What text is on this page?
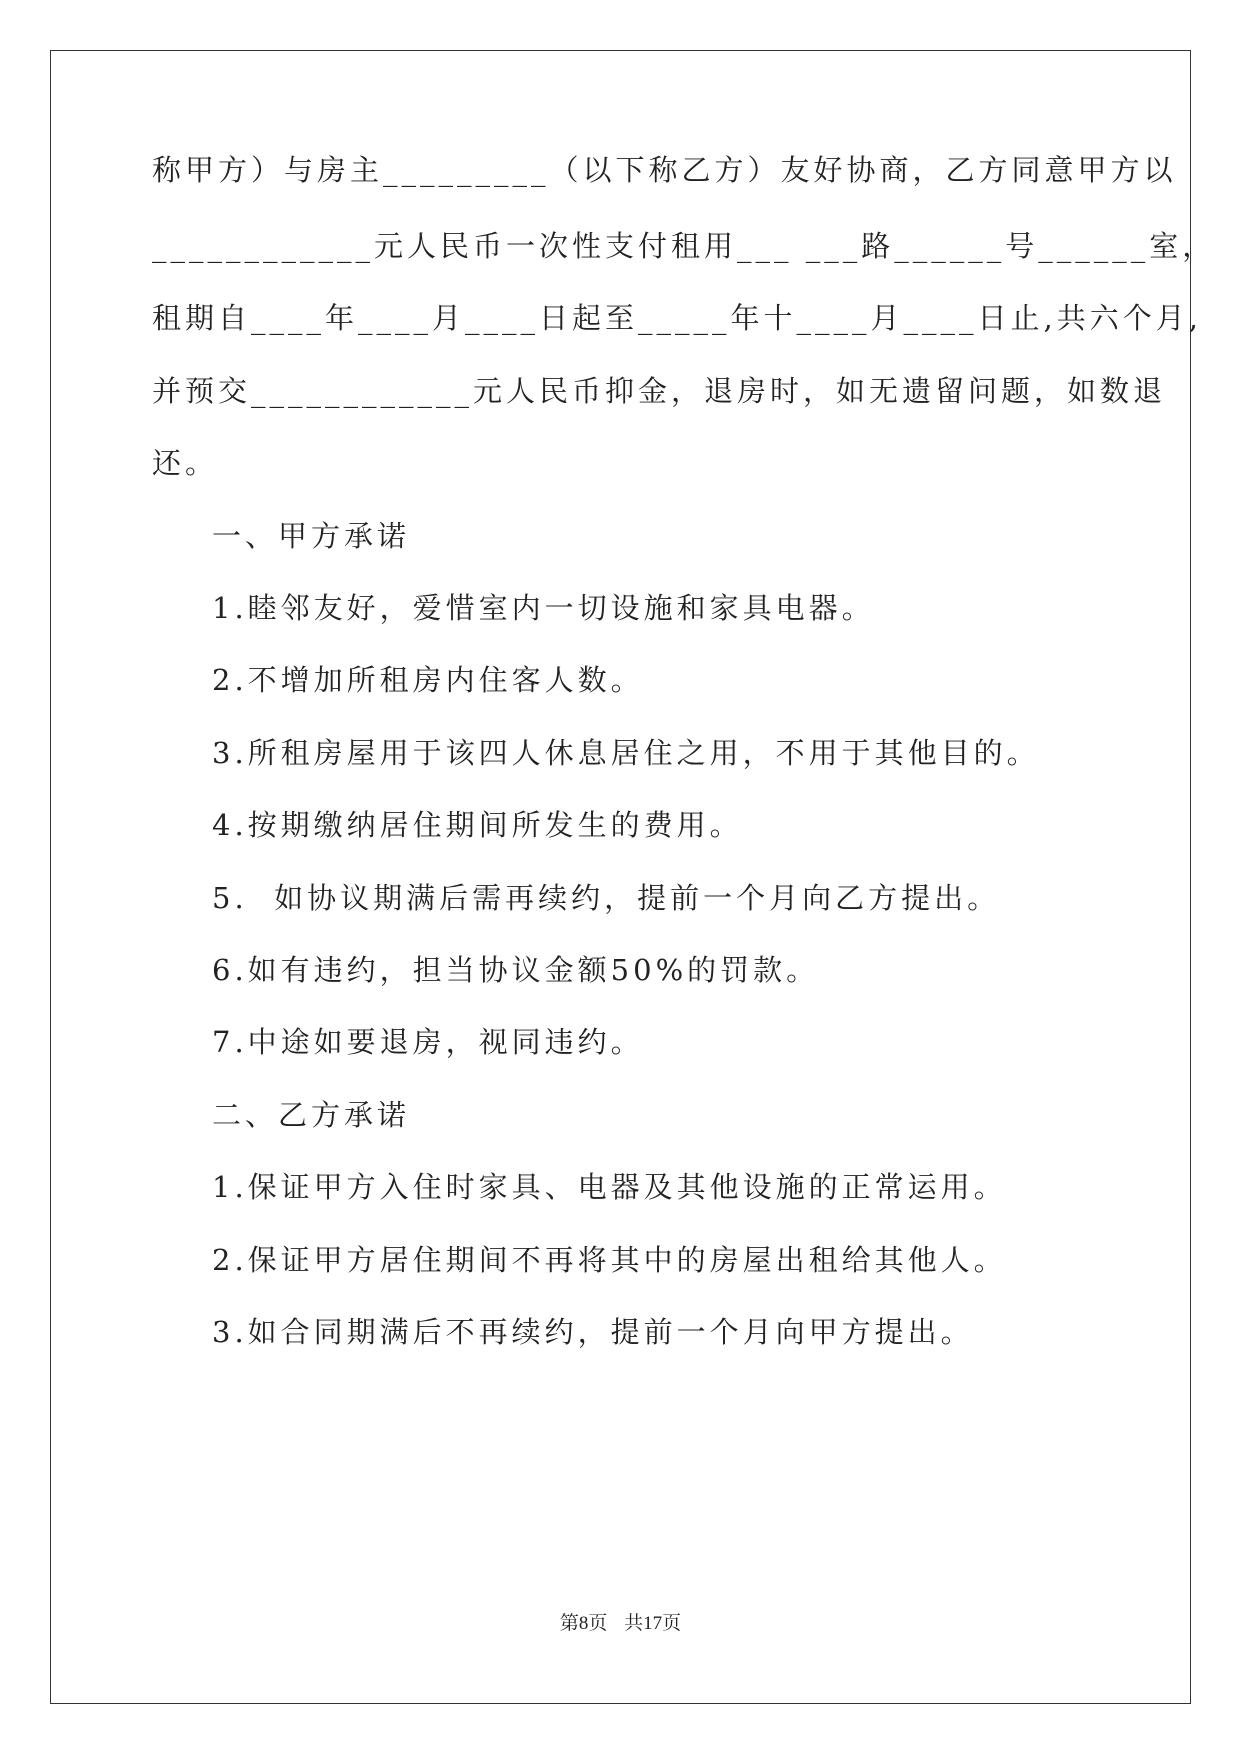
称甲方）与房主_________（以下称乙方）友好协商，乙方同意甲方以
____________元人民币一次性支付租用___ ___路______号______室，
租期自____年____月____日起至_____年十____月____日止,共六个月,
并预交____________元人民币抑金，退房时，如无遗留问题，如数退
还。
一、甲方承诺
1.睦邻友好，爱惜室内一切设施和家具电器。
2.不增加所租房内住客人数。
3.所租房屋用于该四人休息居住之用，不用于其他目的。
4.按期缴纳居住期间所发生的费用。
5.  如协议期满后需再续约，提前一个月向乙方提出。
6.如有违约，担当协议金额50%的罚款。
7.中途如要退房，视同违约。
二、乙方承诺
1.保证甲方入住时家具、电器及其他设施的正常运用。
2.保证甲方居住期间不再将其中的房屋出租给其他人。
3.如合同期满后不再续约，提前一个月向甲方提出。
第8页 共17页
